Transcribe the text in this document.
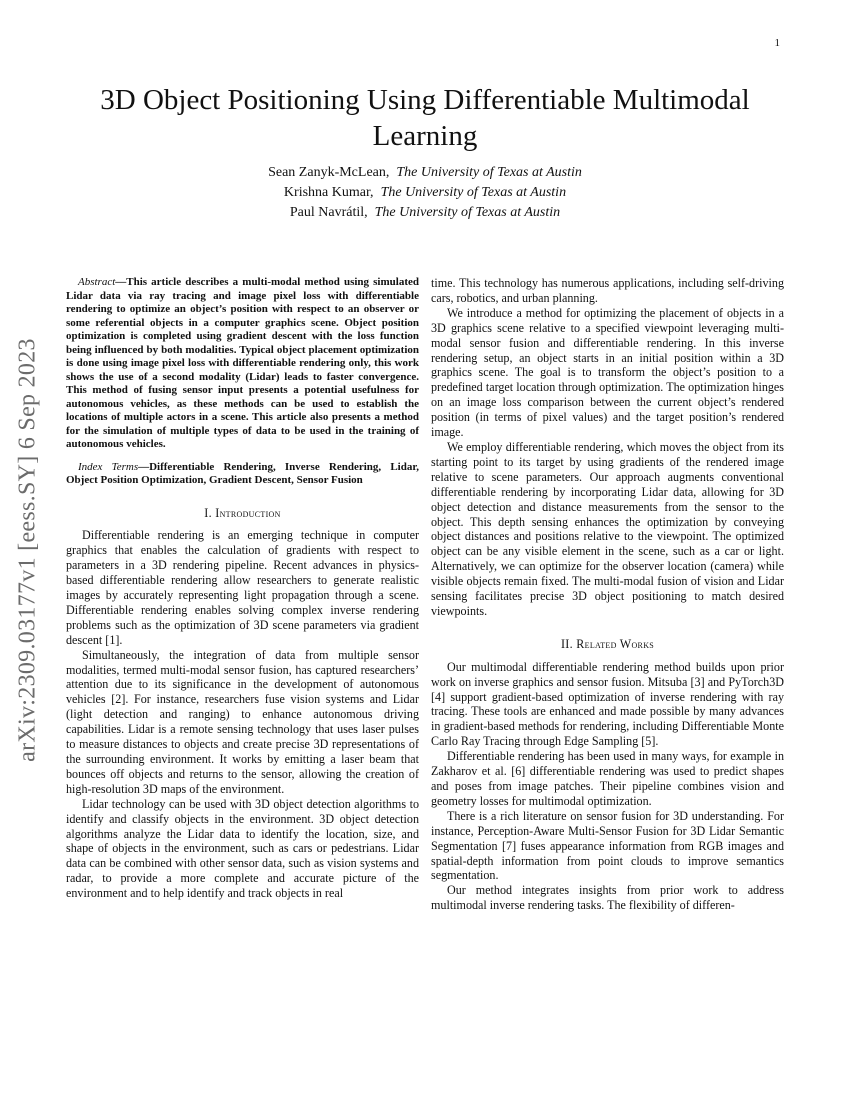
1
arXiv:2309.03177v1 [eess.SY] 6 Sep 2023
3D Object Positioning Using Differentiable Multimodal Learning
Sean Zanyk-McLean, The University of Texas at Austin
Krishna Kumar, The University of Texas at Austin
Paul Navrátil, The University of Texas at Austin

Abstract—This article describes a multi-modal method using simulated Lidar data via ray tracing and image pixel loss with differentiable rendering to optimize an object’s position with respect to an observer or some referential objects in a computer graphics scene. Object position optimization is completed using gradient descent with the loss function being influenced by both modalities. Typical object placement optimization is done using image pixel loss with differentiable rendering only, this work shows the use of a second modality (Lidar) leads to faster convergence. This method of fusing sensor input presents a potential usefulness for autonomous vehicles, as these methods can be used to establish the locations of multiple actors in a scene. This article also presents a method for the simulation of multiple types of data to be used in the training of autonomous vehicles.

Index Terms—Differentiable Rendering, Inverse Rendering, Lidar, Object Position Optimization, Gradient Descent, Sensor Fusion

I. Introduction

Differentiable rendering is an emerging technique in computer graphics that enables the calculation of gradients with respect to parameters in a 3D rendering pipeline. Recent advances in physics-based differentiable rendering allow researchers to generate realistic images by accurately representing light propagation through a scene. Differentiable rendering enables solving complex inverse rendering problems such as the optimization of 3D scene parameters via gradient descent [1].

Simultaneously, the integration of data from multiple sensor modalities, termed multi-modal sensor fusion, has captured researchers’ attention due to its significance in the development of autonomous vehicles [2]. For instance, researchers fuse vision systems and Lidar (light detection and ranging) to enhance autonomous driving capabilities. Lidar is a remote sensing technology that uses laser pulses to measure distances to objects and create precise 3D representations of the surrounding environment. It works by emitting a laser beam that bounces off objects and returns to the sensor, allowing the creation of high-resolution 3D maps of the environment.

Lidar technology can be used with 3D object detection algorithms to identify and classify objects in the environment. 3D object detection algorithms analyze the Lidar data to identify the location, size, and shape of objects in the environment, such as cars or pedestrians. Lidar data can be combined with other sensor data, such as vision systems and radar, to provide a more complete and accurate picture of the environment and to help identify and track objects in real

time. This technology has numerous applications, including self-driving cars, robotics, and urban planning.

We introduce a method for optimizing the placement of objects in a 3D graphics scene relative to a specified viewpoint leveraging multi-modal sensor fusion and differentiable rendering. In this inverse rendering setup, an object starts in an initial position within a 3D graphics scene. The goal is to transform the object’s position to a predefined target location through optimization. The optimization hinges on an image loss comparison between the current object’s rendered position (in terms of pixel values) and the target position’s rendered image.

We employ differentiable rendering, which moves the object from its starting point to its target by using gradients of the rendered image relative to scene parameters. Our approach augments conventional differentiable rendering by incorporating Lidar data, allowing for 3D object detection and distance measurements from the sensor to the object. This depth sensing enhances the optimization by conveying object distances and positions relative to the viewpoint. The optimized object can be any visible element in the scene, such as a car or light. Alternatively, we can optimize for the observer location (camera) while visible objects remain fixed. The multi-modal fusion of vision and Lidar sensing facilitates precise 3D object positioning to match desired viewpoints.

II. Related Works

Our multimodal differentiable rendering method builds upon prior work on inverse graphics and sensor fusion. Mitsuba [3] and PyTorch3D [4] support gradient-based optimization of inverse rendering with ray tracing. These tools are enhanced and made possible by many advances in gradient-based methods for rendering, including Differentiable Monte Carlo Ray Tracing through Edge Sampling [5].

Differentiable rendering has been used in many ways, for example in Zakharov et al. [6] differentiable rendering was used to predict shapes and poses from image patches. Their pipeline combines vision and geometry losses for multimodal optimization.

There is a rich literature on sensor fusion for 3D understanding. For instance, Perception-Aware Multi-Sensor Fusion for 3D Lidar Semantic Segmentation [7] fuses appearance information from RGB images and spatial-depth information from point clouds to improve semantics segmentation.

Our method integrates insights from prior work to address multimodal inverse rendering tasks. The flexibility of differen-
